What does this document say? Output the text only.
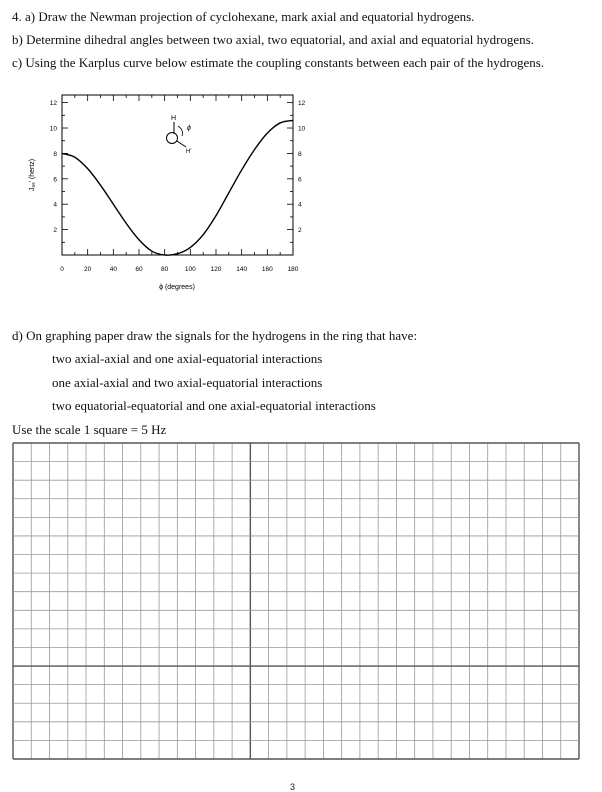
4. a) Draw the Newman projection of cyclohexane, mark axial and equatorial hydrogens.
b) Determine dihedral angles between two axial, two equatorial, and axial and equatorial hydrogens.
c) Using the Karplus curve below estimate the coupling constants between each pair of the hydrogens.
0	20	40	60	80	100 120 140 160 180
2	2
4	4
6	6
8	8
10	10
12	12
ϕ (degrees)
Jₐₐ' (hertz)
H
ϕ
H'
d) On graphing paper draw the signals for the hydrogens in the ring that have:
two axial-axial and one axial-equatorial interactions
one axial-axial and two axial-equatorial interactions
two equatorial-equatorial and one axial-equatorial interactions
Use the scale 1 square = 5 Hz
3
